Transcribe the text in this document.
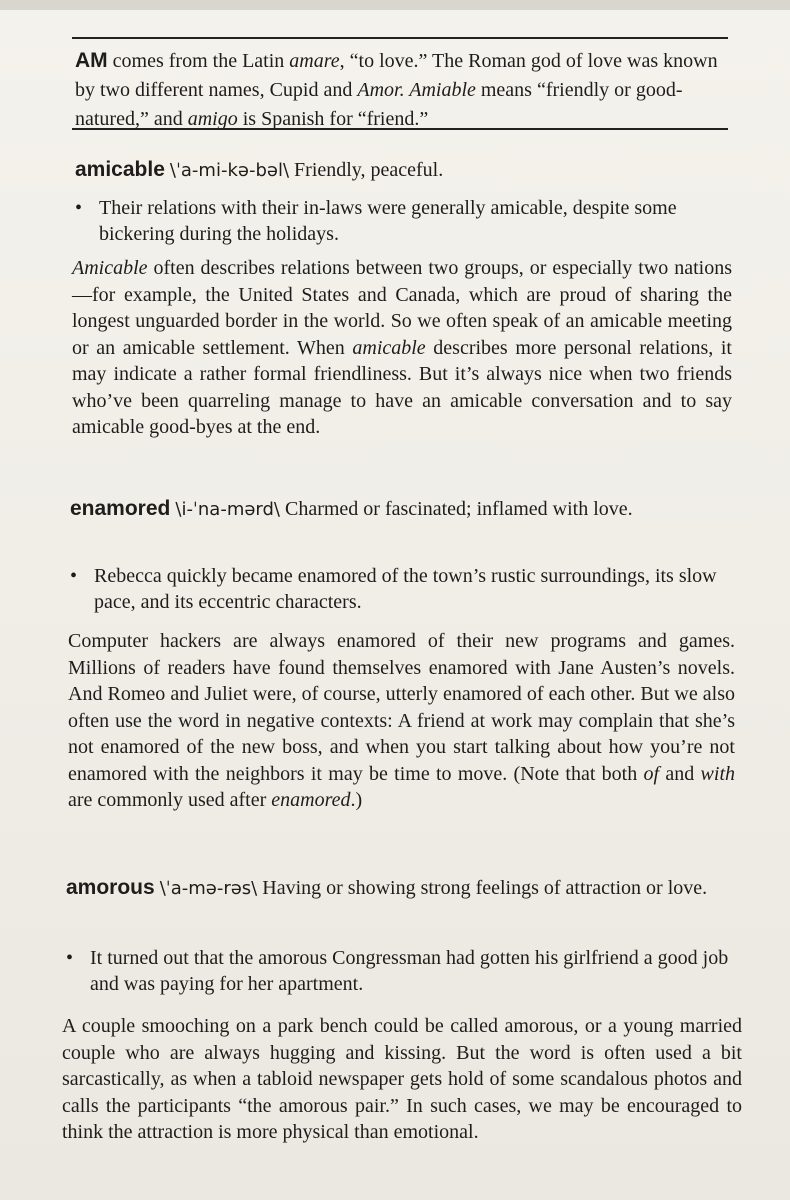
AM comes from the Latin amare, “to love.” The Roman god of love was known by two different names, Cupid and Amor. Amiable means “friendly or good-natured,” and amigo is Spanish for “friend.”

amicable \ˈa-mi-kə-bəl\ Friendly, peaceful.

• Their relations with their in-laws were generally amicable, despite some bickering during the holidays.

Amicable often describes relations between two groups, or especially two nations—for example, the United States and Canada, which are proud of sharing the longest unguarded border in the world. So we often speak of an amicable meeting or an amicable settlement. When amicable describes more personal relations, it may indicate a rather formal friendliness. But it’s always nice when two friends who’ve been quarreling manage to have an amicable conversation and to say amicable good-byes at the end.

enamored \i-ˈna-mərd\ Charmed or fascinated; inflamed with love.

• Rebecca quickly became enamored of the town’s rustic surroundings, its slow pace, and its eccentric characters.

Computer hackers are always enamored of their new programs and games. Millions of readers have found themselves enamored with Jane Austen’s novels. And Romeo and Juliet were, of course, utterly enamored of each other. But we also often use the word in negative contexts: A friend at work may complain that she’s not enamored of the new boss, and when you start talking about how you’re not enamored with the neighbors it may be time to move. (Note that both of and with are commonly used after enamored.)

amorous \ˈa-mə-rəs\ Having or showing strong feelings of attraction or love.

• It turned out that the amorous Congressman had gotten his girlfriend a good job and was paying for her apartment.

A couple smooching on a park bench could be called amorous, or a young married couple who are always hugging and kissing. But the word is often used a bit sarcastically, as when a tabloid newspaper gets hold of some scandalous photos and calls the participants “the amorous pair.” In such cases, we may be encouraged to think the attraction is more physical than emotional.
